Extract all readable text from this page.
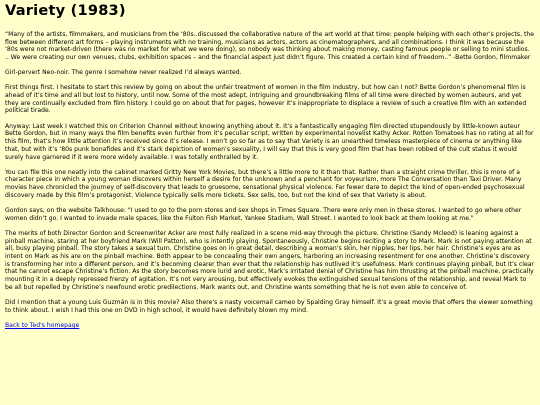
Variety (1983)

“Many of the artists, filmmakers, and musicians from the ‘80s..discussed the collaborative nature of the art world at that time: people helping with each other’s projects, the flow between different art forms – playing instruments with no training, musicians as actors, actors as cinematographers, and all combinations. I think it was because the ‘80s were not market-driven (there was no market for what we were doing), so nobody was thinking about making money, casting famous people or selling to mini studios. .. We were creating our own venues, clubs, exhibition spaces – and the financial aspect just didn’t figure. This created a certain kind of freedom..” -Bette Gordon, filmmaker

Girl-pervert Neo-noir. The genre I somehow never realized I’d always wanted.

First things first. I hesitate to start this review by going on about the unfair treatment of women in the film industry, but how can I not? Bette Gordon’s phenomenal film is ahead of it’s time and all but lost to history, until now. Some of the most adept, intriguing and groundbreaking films of all time were directed by women auteurs, and yet they are continually excluded from film history. I could go on about that for pages, however it’s inappropriate to displace a review of such a creative film with an extended political tirade.

Anyway: Last week I watched this on Criterion Channel without knowing anything about it. It’s a fantastically engaging film directed stupendously by little-known auteur Bette Gordon, but in many ways the film benefits even further from it’s peculiar script, written by experimental novelist Kathy Acker. Rotten Tomatoes has no rating at all for this film, that’s how little attention it’s received since it’s release. I won’t go so far as to say that Variety is an unearthed timeless masterpiece of cinema or anything like that, but with it’s ‘80s punk bonafides and it’s stark depiction of women’s sexuality, I will say that this is very good film that has been robbed of the cult status it would surely have garnered if it were more widely available. I was totally enthralled by it.

You can file this one neatly into the cabinet marked Gritty New York Movies, but there’s a little more to it than that. Rather than a straight crime thriller, this is more of a character piece in which a young woman discovers within herself a desire for the unknown and a penchant for voyeurism, more The Conversation than Taxi Driver. Many movies have chronicled the journey of self-discovery that leads to gruesome, sensational physical violence. Far fewer dare to depict the kind of open-ended psychosexual discovery made by this film’s protagonist. Violence typically sells more tickets. Sex sells, too, but not the kind of sex that Variety is about.

Gordon says, on the website Talkhouse: "I used to go to the porn stores and sex shops in Times Square. There were only men in these stores. I wanted to go where other women didn’t go. I wanted to invade male spaces, like the Fulton Fish Market, Yankee Stadium, Wall Street. I wanted to look back at them looking at me."

The merits of both Director Gordon and Screenwriter Acker are most fully realized in a scene mid-way through the picture. Christine (Sandy Mcleod) is leaning against a pinball machine, staring at her boyfriend Mark (Will Patton), who is intently playing. Spontaneously, Christine begins reciting a story to Mark. Mark is not paying attention at all, busy playing pinball. The story takes a sexual turn. Christine goes on in great detail, describing a woman’s skin, her nipples, her lips, her hair. Christine’s eyes are as intent on Mark as his are on the pinball machine. Both appear to be concealing their own angers, harboring an increasing resentment for one another. Christine’s discovery is transforming her into a different person, and it’s becoming clearer than ever that the relationship has outlived it’s usefulness. Mark continues playing pinball, but it’s clear that he cannot escape Christine’s fiction. As the story becomes more lurid and erotic, Mark’s irritated denial of Christine has him thrusting at the pinball machine, practically mounting it in a deeply repressed frenzy of agitation. It’s not very arousing, but effectively evokes the extinguished sexual tensions of the relationship, and reveal Mark to be all but repelled by Christine’s newfound erotic predilections. Mark wants out, and Christine wants something that he is not even able to conceive of.

Did I mention that a young Luis Guzmán is in this movie? Also there’s a nasty voicemail cameo by Spalding Gray himself. It’s a great movie that offers the viewer something to think about. I wish I had this one on DVD in high school, it would have definitely blown my mind.

Back to Ted's homepage
